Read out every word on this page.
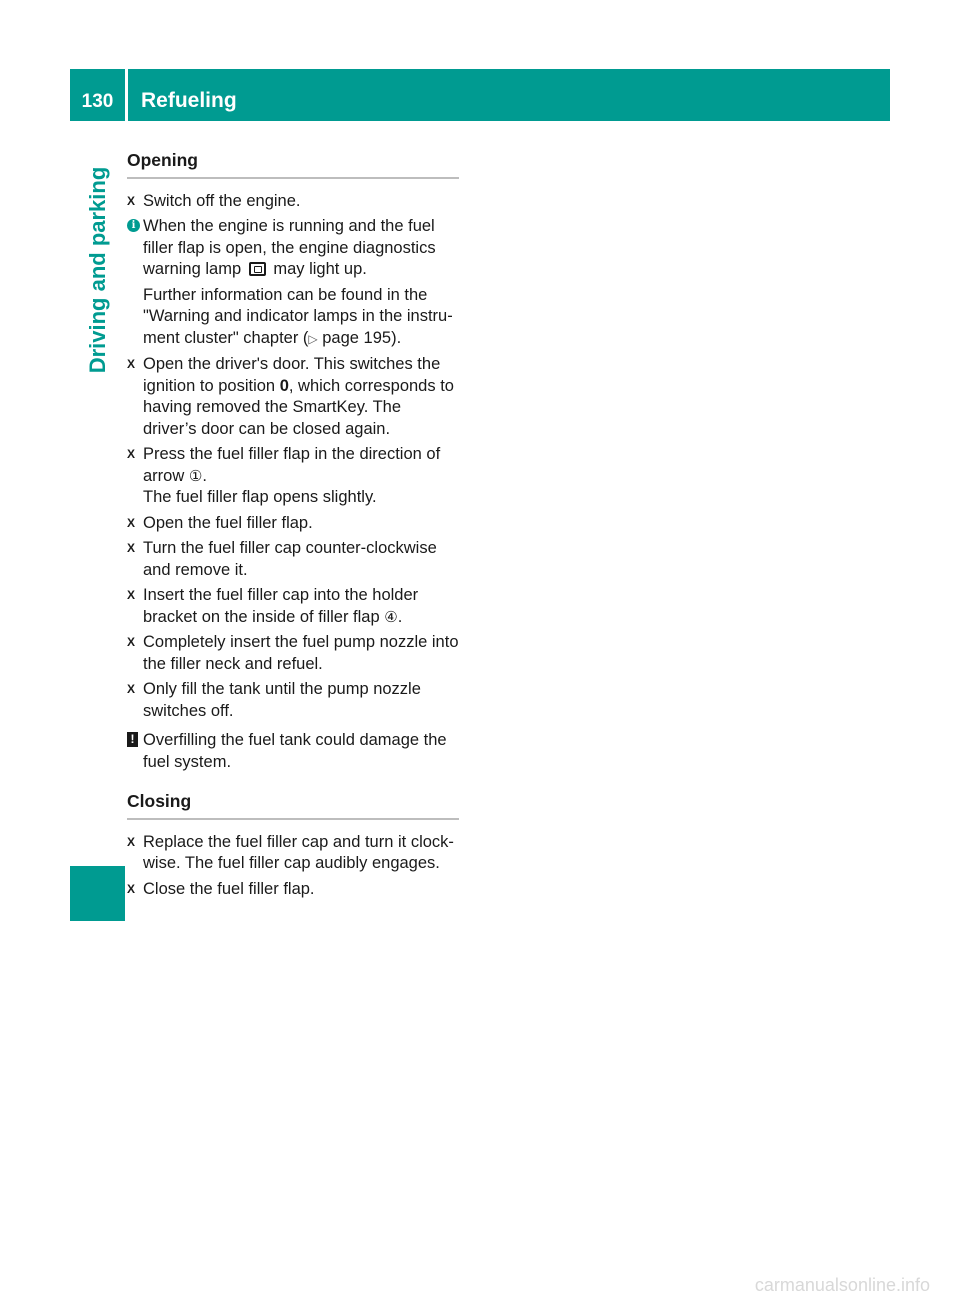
130	Refueling
Driving and parking
Opening
X Switch off the engine.
i When the engine is running and the fuel filler flap is open, the engine diagnostics warning lamp may light up.
Further information can be found in the "Warning and indicator lamps in the instru- ment cluster" chapter (▷ page 195).
X Open the driver's door. This switches the ignition to position 0, which corresponds to having removed the SmartKey. The driver’s door can be closed again.
X Press the fuel filler flap in the direction of arrow ①.
The fuel filler flap opens slightly.
X Open the fuel filler flap.
X Turn the fuel filler cap counter-clockwise and remove it.
X Insert the fuel filler cap into the holder bracket on the inside of filler flap ④.
X Completely insert the fuel pump nozzle into the filler neck and refuel.
X Only fill the tank until the pump nozzle switches off.
! Overfilling the fuel tank could damage the fuel system.
Closing
X Replace the fuel filler cap and turn it clock- wise. The fuel filler cap audibly engages.
X Close the fuel filler flap.
carmanualsonline.info
